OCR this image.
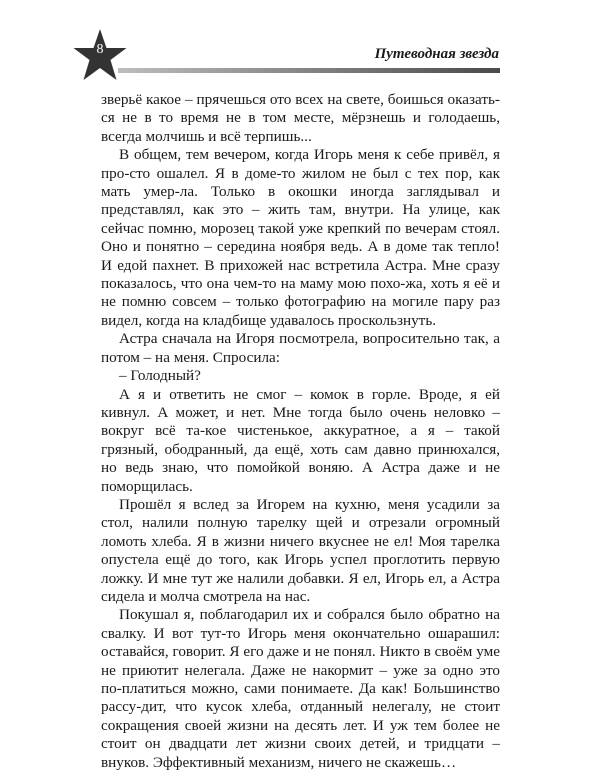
8	Путеводная звезда

зверьё какое – прячешься ото всех на свете, боишься оказать-ся не в то время не в том месте, мёрзнешь и голодаешь, всегда молчишь и всё терпишь...

В общем, тем вечером, когда Игорь меня к себе привёл, я про-сто ошалел. Я в доме-то жилом не был с тех пор, как мать умер-ла. Только в окошки иногда заглядывал и представлял, как это – жить там, внутри. На улице, как сейчас помню, морозец такой уже крепкий по вечерам стоял. Оно и понятно – середина ноября ведь. А в доме так тепло! И едой пахнет. В прихожей нас встретила Астра. Мне сразу показалось, что она чем-то на маму мою похо-жа, хоть я её и не помню совсем – только фотографию на могиле пару раз видел, когда на кладбище удавалось проскользнуть.

Астра сначала на Игоря посмотрела, вопросительно так, а потом – на меня. Спросила:

– Голодный?

А я и ответить не смог – комок в горле. Вроде, я ей кивнул. А может, и нет. Мне тогда было очень неловко – вокруг всё та-кое чистенькое, аккуратное, а я – такой грязный, ободранный, да ещё, хоть сам давно принюхался, но ведь знаю, что помойкой воняю. А Астра даже и не поморщилась.

Прошёл я вслед за Игорем на кухню, меня усадили за стол, налили полную тарелку щей и отрезали огромный ломоть хлеба. Я в жизни ничего вкуснее не ел! Моя тарелка опустела ещё до того, как Игорь успел проглотить первую ложку. И мне тут же налили добавки. Я ел, Игорь ел, а Астра сидела и молча смотрела на нас.

Покушал я, поблагодарил их и собрался было обратно на свалку. И вот тут-то Игорь меня окончательно ошарашил: оставайся, говорит. Я его даже и не понял. Никто в своём уме не приютит нелегала. Даже не накормит – уже за одно это по-платиться можно, сами понимаете. Да как! Большинство рассу-дит, что кусок хлеба, отданный нелегалу, не стоит сокращения своей жизни на десять лет. И уж тем более не стоит он двадцати лет жизни своих детей, и тридцати – внуков. Эффективный механизм, ничего не скажешь…
